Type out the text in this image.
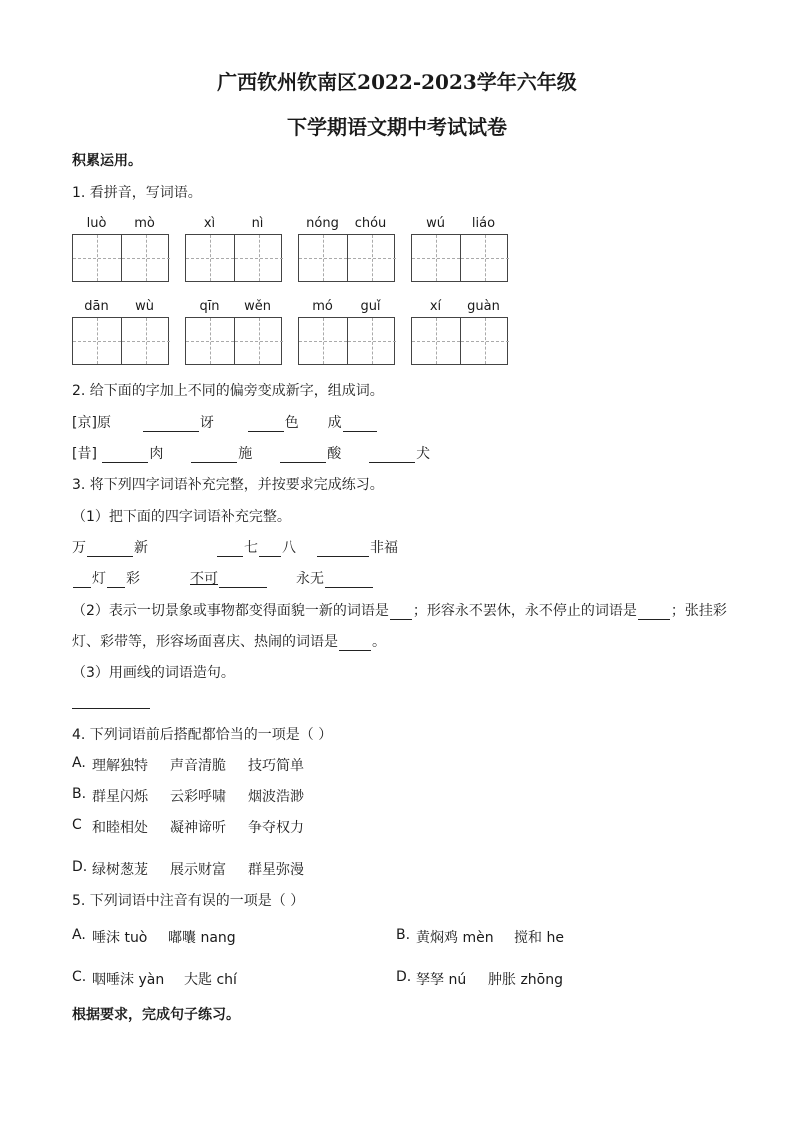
广西钦州钦南区2022-2023学年六年级
下学期语文期中考试试卷
积累运用。
1. 看拼音，写词语。
luò	mò	xì	nì	nóng	chóu	wú	liáo
dān	wù	qīn	wěn	mó	guǐ	xí	guàn
2. 给下面的字加上不同的偏旁变成新字，组成词。
[京]原	讶	色 成
[昔]	肉	施	酸	犬
3. 将下列四字词语补充完整，并按要求完成练习。
（1）把下面的四字词语补充完整。
万	新	七 八	非福
灯 彩	不可	永无
（2）表示一切景象或事物都变得面貌一新的词语是 ；形容永不罢休，永不停止的词语是 ；张挂彩
灯、彩带等，形容场面喜庆、热闹的词语是 。
（3）用画线的词语造句。
4. 下列词语前后搭配都恰当的一项是（ ）
A. 理解独特 声音清脆 技巧简单
B. 群星闪烁 云彩呼啸 烟波浩渺
C 和睦相处 凝神谛听 争夺权力
D. 绿树葱茏 展示财富 群星弥漫
5. 下列词语中注音有误的一项是（ ）
A. 唾沫 tuò 嘟囔 nang	B. 黄焖鸡 mèn 搅和 he
C. 咽唾沫 yàn 大匙 chí	D. 孥孥 nú 肿胀 zhōng
根据要求，完成句子练习。
